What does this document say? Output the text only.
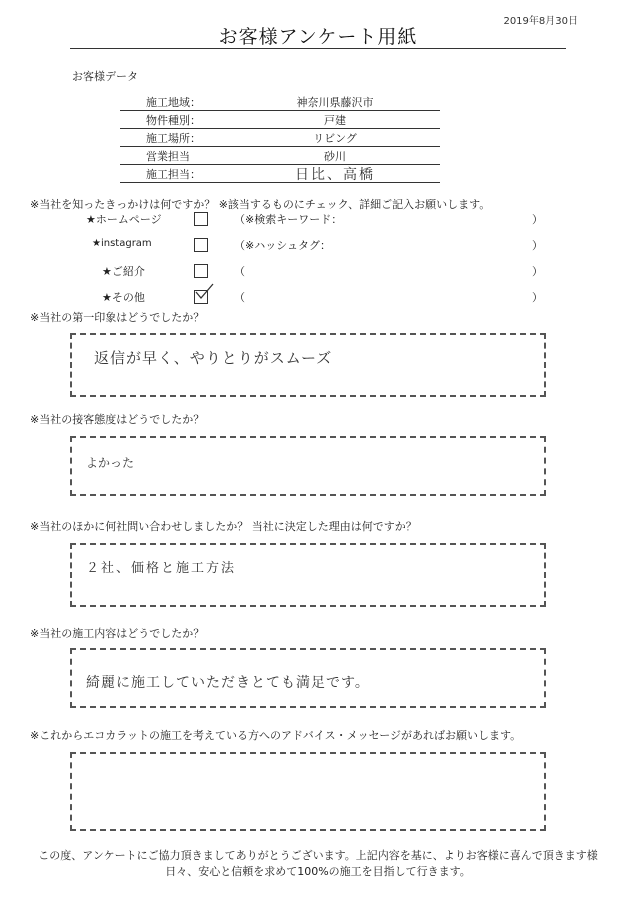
2019年8月30日
お客様アンケート用紙
お客様データ
施工地域：	神奈川県藤沢市
物件種別：	戸建
施工場所：	リビング
営業担当	砂川
施工担当：	日比、高橋
※当社を知ったきっかけは何ですか？ ※該当するものにチェック、詳細ご記入お願いします。
★ホームページ	（※検索キーワード：	）
★instagram	（※ハッシュタグ：	）
★ご紹介	（	）
★その他	（	）
※当社の第一印象はどうでしたか？
返信が早く、やりとりがスムーズ
※当社の接客態度はどうでしたか？
よかった
※当社のほかに何社問い合わせしましたか？ 当社に決定した理由は何ですか？
２社、価格と施工方法
※当社の施工内容はどうでしたか？
綺麗に施工していただきとても満足です。
※これからエコカラットの施工を考えている方へのアドバイス・メッセージがあればお願いします。
この度、アンケートにご協力頂きましてありがとうございます。上記内容を基に、よりお客様に喜んで頂きます様
日々、安心と信頼を求めて100%の施工を目指して行きます。
